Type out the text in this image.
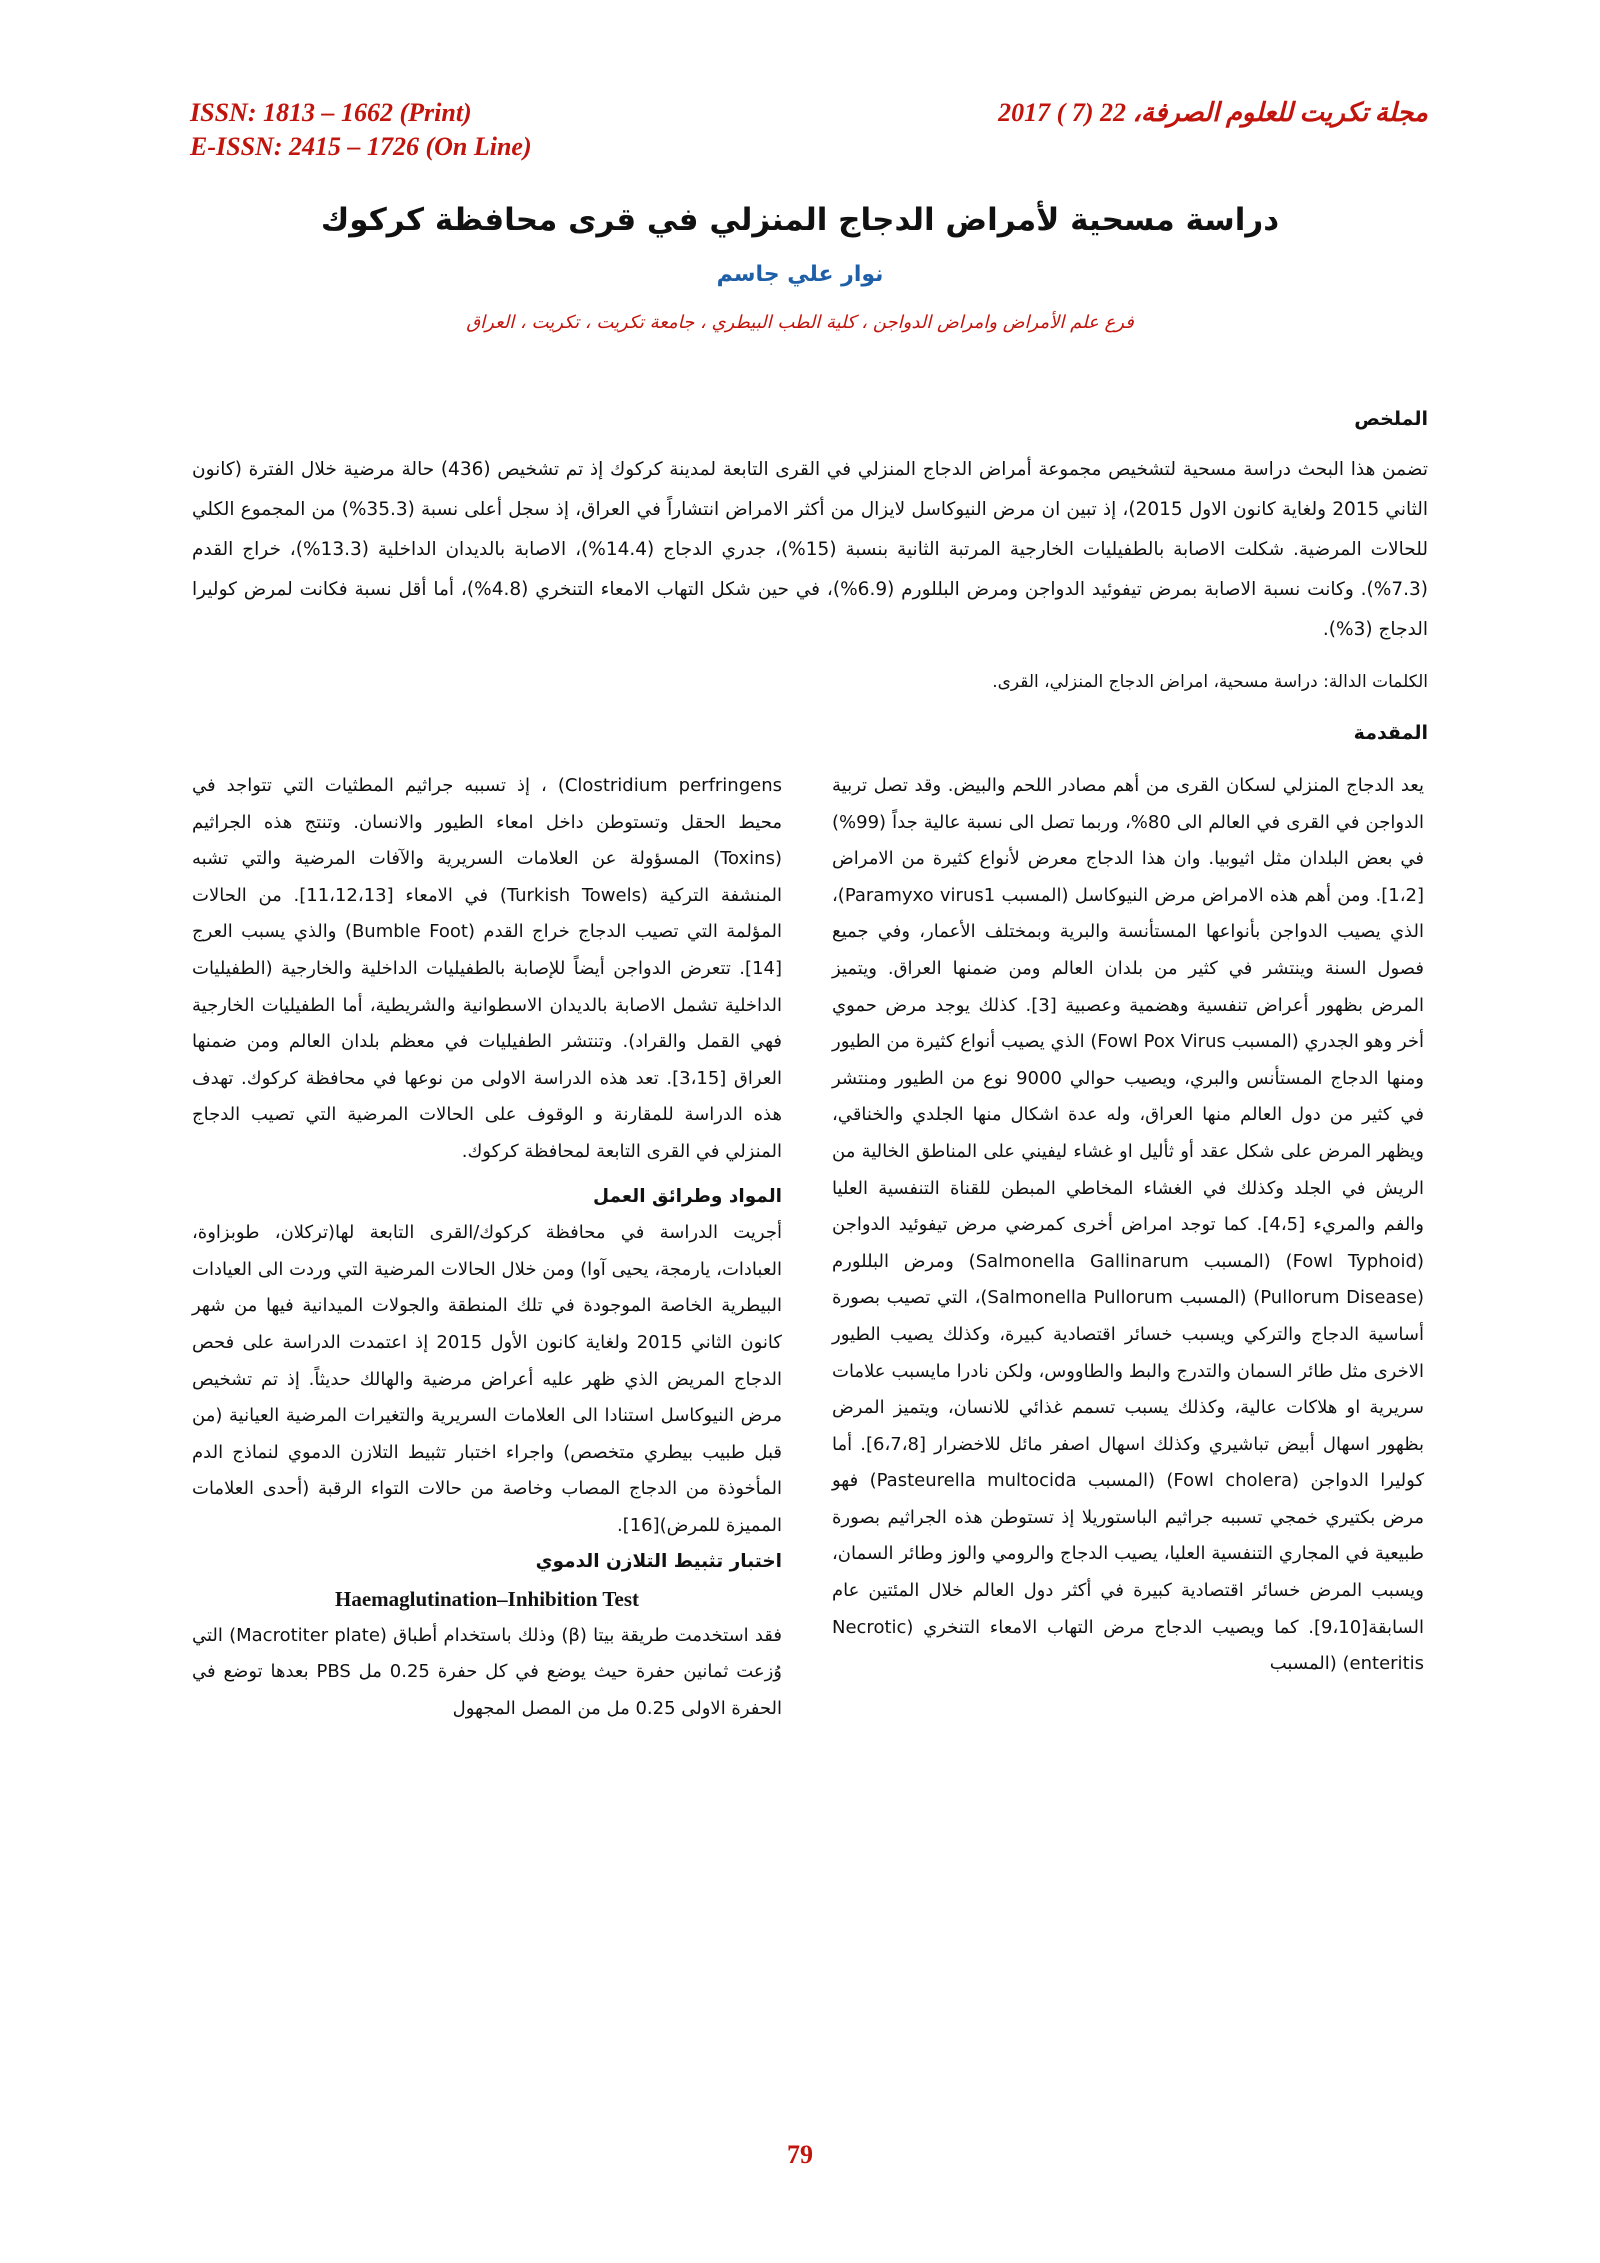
ISSN: 1813 – 1662 (Print)
E-ISSN: 2415 – 1726 (On Line)
مجلة تكريت للعلوم الصرفة، 22 (7 ) 2017
دراسة مسحية لأمراض الدجاج المنزلي في قرى محافظة كركوك
نوار علي جاسم
فرع علم الأمراض وامراض الدواجن ، كلية الطب البيطري ، جامعة تكريت ، تكريت ، العراق
الملخص

تضمن هذا البحث دراسة مسحية لتشخيص مجموعة أمراض الدجاج المنزلي في القرى التابعة لمدينة كركوك إذ تم تشخيص (436) حالة مرضية خلال الفترة (كانون الثاني 2015 ولغاية كانون الاول 2015)، إذ تبين ان مرض النيوكاسل لايزال من أكثر الامراض انتشاراً في العراق، إذ سجل أعلى نسبة (35.3%) من المجموع الكلي للحالات المرضية. شكلت الاصابة بالطفيليات الخارجية المرتبة الثانية بنسبة (15%)، جدري الدجاج (14.4%)، الاصابة بالديدان الداخلية (13.3%)، خراج القدم (7.3%). وكانت نسبة الاصابة بمرض تيفوئيد الدواجن ومرض البللورم (6.9%)، في حين شكل التهاب الامعاء التنخري (4.8%)، أما أقل نسبة فكانت لمرض كوليرا الدجاج (3%).

الكلمات الدالة: دراسة مسحية، امراض الدجاج المنزلي، القرى.
المقدمة

يعد الدجاج المنزلي لسكان القرى من أهم مصادر اللحم والبيض. وقد تصل تربية الدواجن في القرى في العالم الى 80%، وربما تصل الى نسبة عالية جداً (99%) في بعض البلدان مثل اثيوبيا. وان هذا الدجاج معرض لأنواع كثيرة من الامراض [1،2]. ومن أهم هذه الامراض مرض النيوكاسل (المسبب Paramyxo virus1)، الذي يصيب الدواجن بأنواعها المستأنسة والبرية وبمختلف الأعمار، وفي جميع فصول السنة وينتشر في كثير من بلدان العالم ومن ضمنها العراق. ويتميز المرض بظهور أعراض تنفسية وهضمية وعصبية [3]. كذلك يوجد مرض حموي أخر وهو الجدري (المسبب Fowl Pox Virus) الذي يصيب أنواع كثيرة من الطيور ومنها الدجاج المستأنس والبري، ويصيب حوالي 9000 نوع من الطيور ومنتشر في كثير من دول العالم منها العراق، وله عدة اشكال منها الجلدي والخناقي، ويظهر المرض على شكل عقد أو ثأليل او غشاء ليفيني على المناطق الخالية من الريش في الجلد وكذلك في الغشاء المخاطي المبطن للقناة التنفسية العليا والفم والمريء [4،5]. كما توجد امراض أخرى كمرضي مرض تيفوئيد الدواجن (Fowl Typhoid) (المسبب Salmonella Gallinarum) ومرض البللورم (Pullorum Disease) (المسبب Salmonella Pullorum)، التي تصيب بصورة أساسية الدجاج والتركي ويسبب خسائر اقتصادية كبيرة، وكذلك يصيب الطيور الاخرى مثل طائر السمان والتدرج والبط والطاووس، ولكن نادرا مايسبب علامات سريرية او هلاكات عالية، وكذلك يسبب تسمم غذائي للانسان، ويتميز المرض بظهور اسهال أبيض تباشيري وكذلك اسهال اصفر مائل للاخضرار [6،7،8]. أما كوليرا الدواجن (Fowl cholera) (المسبب Pasteurella multocida) فهو مرض بكتيري خمجي تسببه جراثيم الباستوريلا إذ تستوطن هذه الجراثيم بصورة طبيعية في المجاري التنفسية العليا، يصيب الدجاج والرومي والوز وطائر السمان، ويسبب المرض خسائر اقتصادية كبيرة في أكثر دول العالم خلال المئتين عام السابقة[9،10]. كما ويصيب الدجاج مرض التهاب الامعاء التنخري (Necrotic enteritis) (المسبب

Clostridium perfringens) ، إذ تسببه جراثيم المطثيات التي تتواجد في محيط الحقل وتستوطن داخل امعاء الطيور والانسان. وتنتج هذه الجراثيم (Toxins) المسؤولة عن العلامات السريرية والآفات المرضية والتي تشبه المنشفة التركية (Turkish Towels) في الامعاء [11،12،13]. من الحالات المؤلمة التي تصيب الدجاج خراج القدم (Bumble Foot) والذي يسبب العرج [14]. تتعرض الدواجن أيضاً للإصابة بالطفيليات الداخلية والخارجية (الطفيليات الداخلية تشمل الاصابة بالديدان الاسطوانية والشريطية، أما الطفيليات الخارجية فهي القمل والقراد). وتنتشر الطفيليات في معظم بلدان العالم ومن ضمنها العراق [3،15]. تعد هذه الدراسة الاولى من نوعها في محافظة كركوك. تهدف هذه الدراسة للمقارنة و الوقوف على الحالات المرضية التي تصيب الدجاج المنزلي في القرى التابعة لمحافظة كركوك.

المواد وطرائق العمل

أجريت الدراسة في محافظة كركوك/القرى التابعة لها(تركلان، طوبزاوة، العبادات، يارمجة، يحيى آوا) ومن خلال الحالات المرضية التي وردت الى العيادات البيطرية الخاصة الموجودة في تلك المنطقة والجولات الميدانية فيها من شهر كانون الثاني 2015 ولغاية كانون الأول 2015 إذ اعتمدت الدراسة على فحص الدجاج المريض الذي ظهر عليه أعراض مرضية والهالك حديثاً. إذ تم تشخيص مرض النيوكاسل استنادا الى العلامات السريرية والتغيرات المرضية العيانية (من قبل طبيب بيطري متخصص) واجراء اختبار تثبيط التلازن الدموي لنماذج الدم المأخوذة من الدجاج المصاب وخاصة من حالات التواء الرقبة (أحدى العلامات المميزة للمرض)[16].

اختبار تثبيط التلازن الدموي

Haemaglutination–Inhibition Test

فقد استخدمت طريقة بيتا (β) وذلك باستخدام أطباق (Macrotiter plate) التي وُزعت ثمانين حفرة حيث يوضع في كل حفرة 0.25 مل PBS بعدها توضع في الحفرة الاولى 0.25 مل من المصل المجهول

79
